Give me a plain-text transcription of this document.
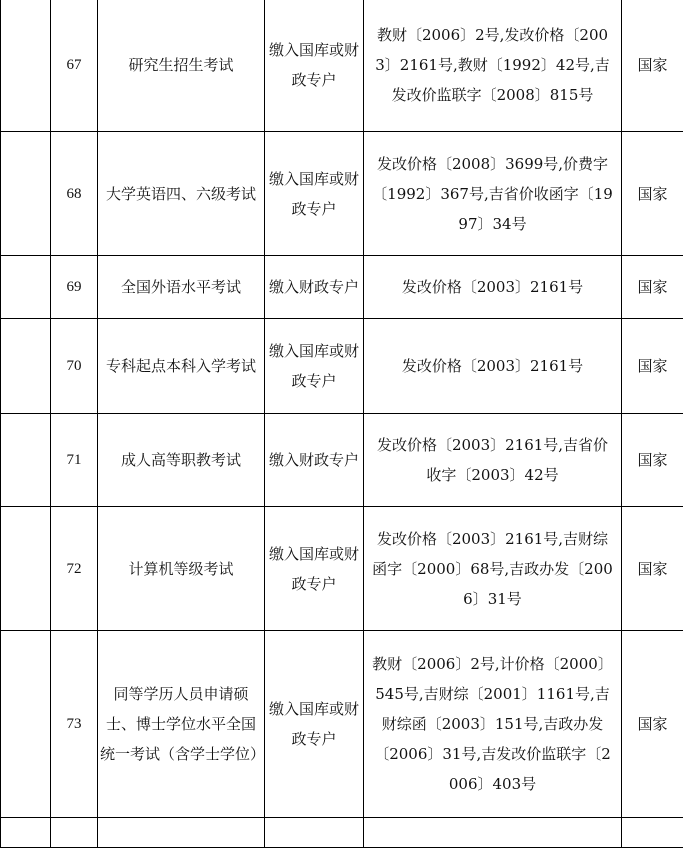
	67	研究生招生考试	缴入国库或财政专户	教财〔2006〕2号,发改价格〔2003〕2161号,教财〔1992〕42号,吉发改价监联字〔2008〕815号	国家
	68	大学英语四、六级考试	缴入国库或财政专户	发改价格〔2008〕3699号,价费字〔1992〕367号,吉省价收函字〔1997〕34号	国家
	69	全国外语水平考试	缴入财政专户	发改价格〔2003〕2161号	国家
	70	专科起点本科入学考试	缴入国库或财政专户	发改价格〔2003〕2161号	国家
	71	成人高等职教考试	缴入财政专户	发改价格〔2003〕2161号,吉省价收字〔2003〕42号	国家
	72	计算机等级考试	缴入国库或财政专户	发改价格〔2003〕2161号,吉财综函字〔2000〕68号,吉政办发〔2006〕31号	国家
	73	同等学历人员申请硕士、博士学位水平全国统一考试（含学士学位）	缴入国库或财政专户	教财〔2006〕2号,计价格〔2000〕545号,吉财综〔2001〕1161号,吉财综函〔2003〕151号,吉政办发〔2006〕31号,吉发改价监联字〔2006〕403号	国家
